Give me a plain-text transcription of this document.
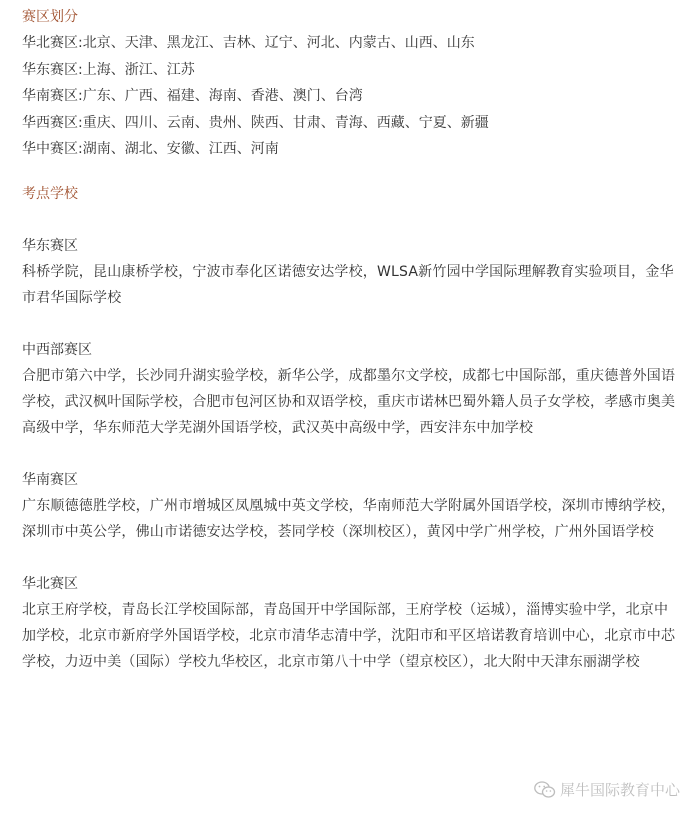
赛区划分

华北赛区:北京、天津、黑龙江、吉林、辽宁、河北、内蒙古、山西、山东

华东赛区:上海、浙江、江苏

华南赛区:广东、广西、福建、海南、香港、澳门、台湾

华西赛区:重庆、四川、云南、贵州、陕西、甘肃、青海、西藏、宁夏、新疆

华中赛区:湖南、湖北、安徽、江西、河南

考点学校

华东赛区

科桥学院，昆山康桥学校，宁波市奉化区诺德安达学校，WLSA新竹园中学国际理解教育实验项目，金华市君华国际学校

中西部赛区

合肥市第六中学，长沙同升湖实验学校，新华公学，成都墨尔文学校，成都七中国际部，重庆德普外国语学校，武汉枫叶国际学校，合肥市包河区协和双语学校，重庆市诺林巴蜀外籍人员子女学校，孝感市奥美高级中学，华东师范大学芜湖外国语学校，武汉英中高级中学，西安沣东中加学校

华南赛区

广东顺德德胜学校，广州市增城区凤凰城中英文学校，华南师范大学附属外国语学校，深圳市博纳学校，深圳市中英公学，佛山市诺德安达学校，荟同学校（深圳校区），黄冈中学广州学校，广州外国语学校

华北赛区

北京王府学校，青岛长江学校国际部，青岛国开中学国际部，王府学校（运城），淄博实验中学，北京中加学校，北京市新府学外国语学校，北京市清华志清中学，沈阳市和平区培诺教育培训中心，北京市中芯学校，力迈中美（国际）学校九华校区，北京市第八十中学（望京校区），北大附中天津东丽湖学校

犀牛国际教育中心
